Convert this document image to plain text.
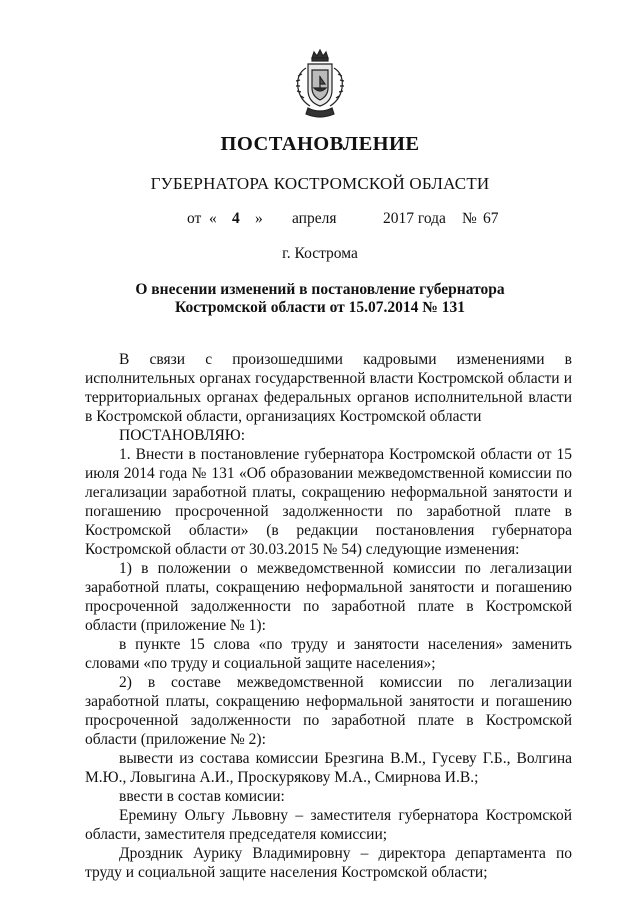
ПОСТАНОВЛЕНИЕ
ГУБЕРНАТОРА КОСТРОМСКОЙ ОБЛАСТИ
от « 4 » апреля	2017 года № 67
г. Кострома
О внесении изменений в постановление губернатора
Костромской области от 15.07.2014 № 131

В связи с произошедшими кадровыми изменениями в исполнительных органах государственной власти Костромской области и территориальных органах федеральных органов исполнительной власти в Костромской области, организациях Костромской области

ПОСТАНОВЛЯЮ:

1. Внести в постановление губернатора Костромской области от 15 июля 2014 года № 131 «Об образовании межведомственной комиссии по легализации заработной платы, сокращению неформальной занятости и погашению просроченной задолженности по заработной плате в Костромской области» (в редакции постановления губернатора Костромской области от 30.03.2015 № 54) следующие изменения:

1) в положении о межведомственной комиссии по легализации заработной платы, сокращению неформальной занятости и погашению просроченной задолженности по заработной плате в Костромской области (приложение № 1):

в пункте 15 слова «по труду и занятости населения» заменить словами «по труду и социальной защите населения»;

2) в составе межведомственной комиссии по легализации заработной платы, сокращению неформальной занятости и погашению просроченной задолженности по заработной плате в Костромской области (приложение № 2):

вывести из состава комиссии Брезгина В.М., Гусеву Г.Б., Волгина М.Ю., Ловыгина А.И., Проскурякову М.А., Смирнова И.В.;

ввести в состав комисии:

Еремину Ольгу Львовну – заместителя губернатора Костромской области, заместителя председателя комиссии;

Дроздник Аурику Владимировну – директора департамента по труду и социальной защите населения Костромской области;
